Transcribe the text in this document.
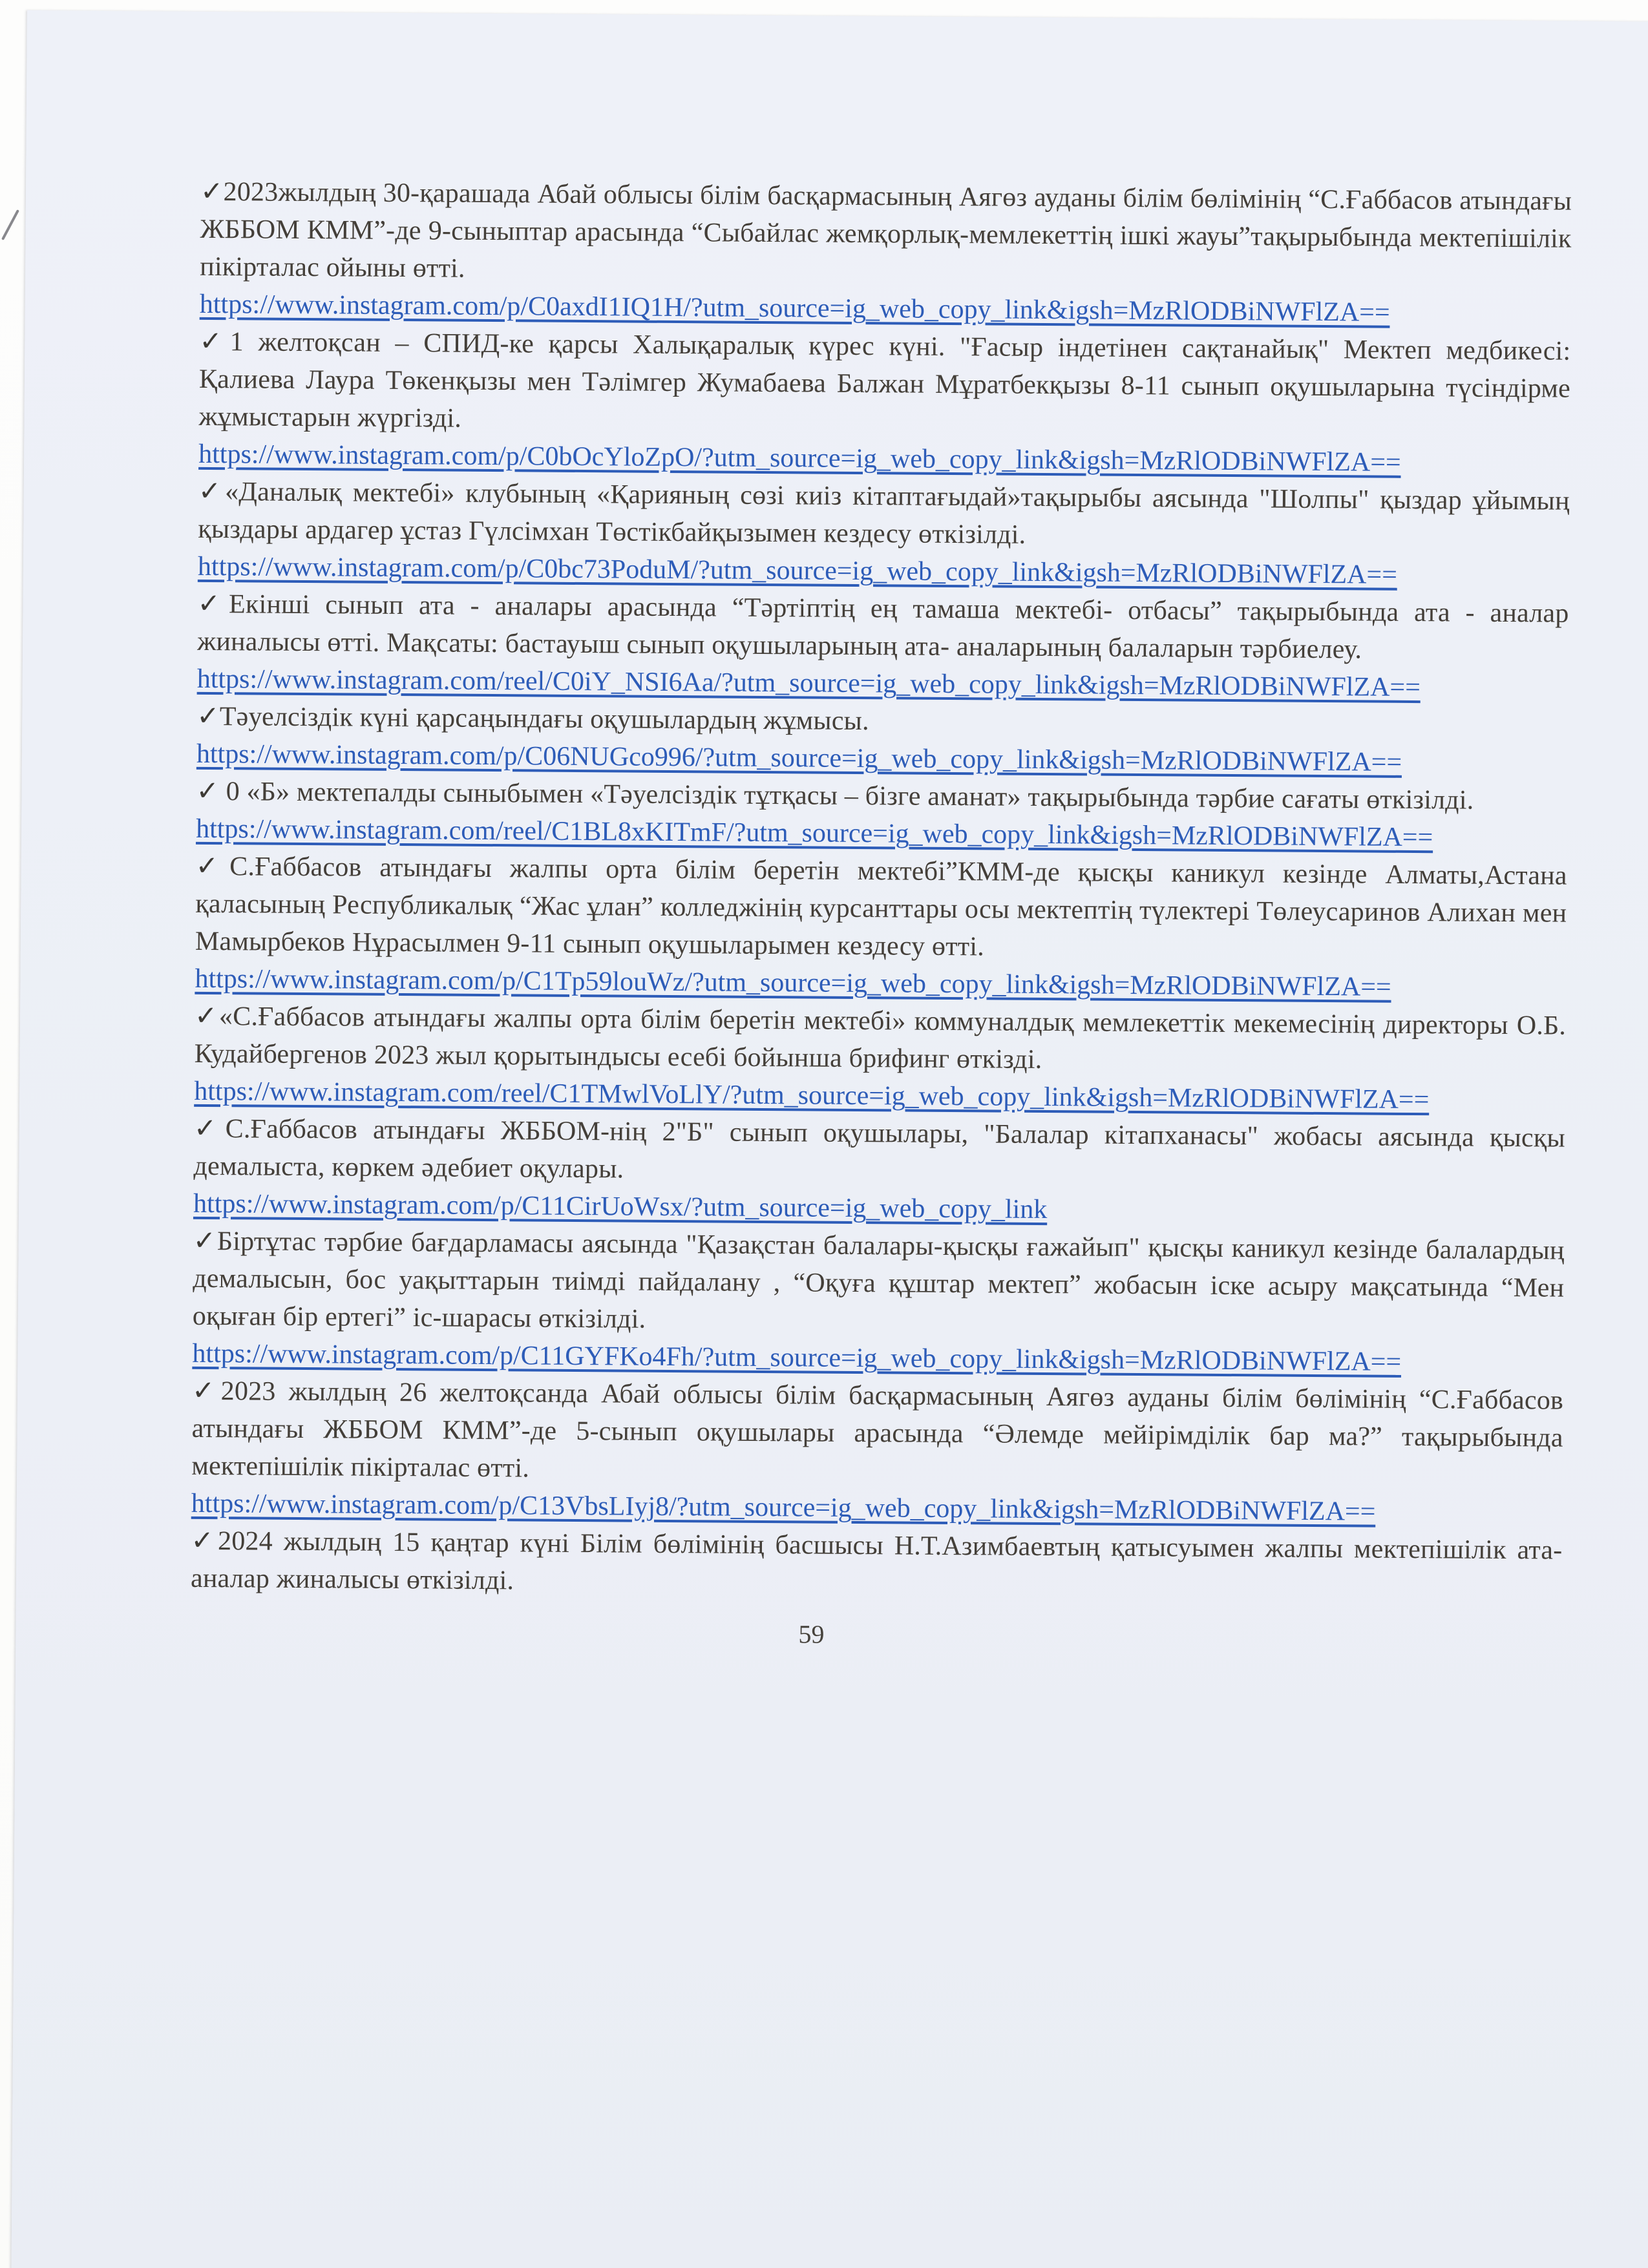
✓2023жылдың 30-қарашада Абай облысы білім басқармасының Аягөз ауданы білім бөлімінің “С.Ғаббасов атындағы ЖББОМ КММ”-де 9-сыныптар арасында “Сыбайлас жемқорлық-мемлекеттің ішкі жауы”тақырыбында мектепішілік пікірталас ойыны өтті.

https://www.instagram.com/p/C0axdI1IQ1H/?utm_source=ig_web_copy_link&igsh=MzRlODBiNWFlZA==

✓1 желтоқсан – СПИД-ке қарсы Халықаралық күрес күні. "Ғасыр індетінен сақтанайық" Мектеп медбикесі: Қалиева Лаура Төкенқызы мен Тәлімгер Жумабаева Балжан Мұратбекқызы 8-11 сынып оқушыларына түсіндірме жұмыстарын жүргізді.

https://www.instagram.com/p/C0bOcYloZpO/?utm_source=ig_web_copy_link&igsh=MzRlODBiNWFlZA==

✓«Даналық мектебі» клубының «Қарияның сөзі киіз кітаптағыдай»тақырыбы аясында "Шолпы" қыздар ұйымың қыздары ардагер ұстаз Гүлсімхан Төстікбайқызымен кездесу өткізілді.

https://www.instagram.com/p/C0bc73PoduM/?utm_source=ig_web_copy_link&igsh=MzRlODBiNWFlZA==

✓Екінші сынып ата - аналары арасында “Тәртіптің ең тамаша мектебі- отбасы” тақырыбында ата - аналар жиналысы өтті. Мақсаты: бастауыш сынып оқушыларының ата- аналарының балаларын тәрбиелеу.

https://www.instagram.com/reel/C0iY_NSI6Aa/?utm_source=ig_web_copy_link&igsh=MzRlODBiNWFlZA==

✓Тәуелсіздік күні қарсаңындағы оқушылардың жұмысы.

https://www.instagram.com/p/C06NUGco996/?utm_source=ig_web_copy_link&igsh=MzRlODBiNWFlZA==

✓ 0 «Б» мектепалды сыныбымен «Тәуелсіздік тұтқасы – бізге аманат» тақырыбында тәрбие сағаты өткізілді.

https://www.instagram.com/reel/C1BL8xKITmF/?utm_source=ig_web_copy_link&igsh=MzRlODBiNWFlZA==

✓С.Ғаббасов атындағы жалпы орта білім беретін мектебі”КММ-де қысқы каникул кезінде Алматы,Астана қаласының Республикалық “Жас ұлан” колледжінің курсанттары осы мектептің түлектері Төлеусаринов Алихан мен Мамырбеков Нұрасылмен 9-11 сынып оқушыларымен кездесу өтті.

https://www.instagram.com/p/C1Tp59louWz/?utm_source=ig_web_copy_link&igsh=MzRlODBiNWFlZA==

✓«С.Ғаббасов атындағы жалпы орта білім беретін мектебі» коммуналдық мемлекеттік мекемесінің директоры О.Б. Кудайбергенов 2023 жыл қорытындысы есебі бойынша брифинг өткізді.

https://www.instagram.com/reel/C1TMwlVoLlY/?utm_source=ig_web_copy_link&igsh=MzRlODBiNWFlZA==

✓С.Ғаббасов атындағы ЖББОМ-нің 2"Б" сынып оқушылары, "Балалар кітапханасы" жобасы аясында қысқы демалыста, көркем әдебиет оқулары.

https://www.instagram.com/p/C11CirUoWsx/?utm_source=ig_web_copy_link

✓Біртұтас тәрбие бағдарламасы аясында "Қазақстан балалары-қысқы ғажайып" қысқы каникул кезінде балалардың демалысын, бос уақыттарын тиімді пайдалану , “Оқуға құштар мектеп” жобасын іске асыру мақсатында “Мен оқыған бір ертегі” іс-шарасы өткізілді.

https://www.instagram.com/p/C11GYFKo4Fh/?utm_source=ig_web_copy_link&igsh=MzRlODBiNWFlZA==

✓2023 жылдың 26 желтоқсанда Абай облысы білім басқармасының Аягөз ауданы білім бөлімінің “С.Ғаббасов атындағы ЖББОМ КММ”-де 5-сынып оқушылары арасында “Әлемде мейірімділік бар ма?” тақырыбында мектепішілік пікірталас өтті.

https://www.instagram.com/p/C13VbsLIyj8/?utm_source=ig_web_copy_link&igsh=MzRlODBiNWFlZA==

✓2024 жылдың 15 қаңтар күні Білім бөлімінің басшысы Н.Т.Азимбаевтың қатысуымен жалпы мектепішілік ата-аналар жиналысы өткізілді.

59
